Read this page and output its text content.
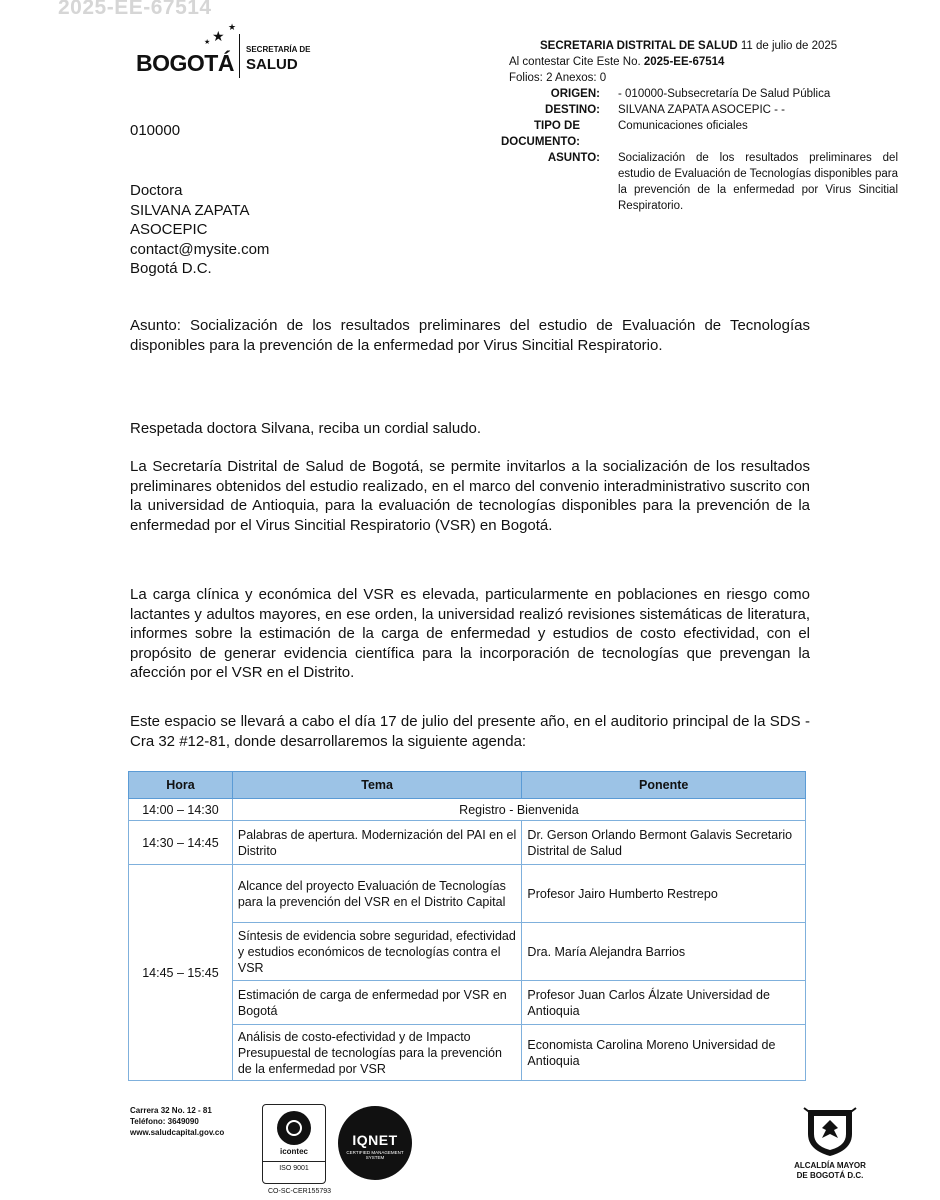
2025-EE-67514
★
★
★
BOGOTÁ
SECRETARÍA DE
SALUD
SECRETARIA DISTRITAL DE SALUD 11 de julio de 2025
Al contestar Cite Este No. 2025-EE-67514
Folios: 2 Anexos: 0
ORIGEN: - 010000-Subsecretaría De Salud Pública
DESTINO: SILVANA ZAPATA ASOCEPIC - -
TIPO DE
DOCUMENTO:
Comunicaciones oficiales
ASUNTO: Socialización de los resultados preliminares del estudio de Evaluación de Tecnologías disponibles para la prevención de la enfermedad por Virus Sincitial Respiratorio.
010000
Doctora
SILVANA ZAPATA
ASOCEPIC
contact@mysite.com
Bogotá D.C.
Asunto: Socialización de los resultados preliminares del estudio de Evaluación de Tecnologías disponibles para la prevención de la enfermedad por Virus Sincitial Respiratorio.
Respetada doctora Silvana, reciba un cordial saludo.
La Secretaría Distrital de Salud de Bogotá, se permite invitarlos a la socialización de los resultados preliminares obtenidos del estudio realizado, en el marco del convenio interadministrativo suscrito con la universidad de Antioquia, para la evaluación de tecnologías disponibles para la prevención de la enfermedad por el Virus Sincitial Respiratorio (VSR) en Bogotá.
La carga clínica y económica del VSR es elevada, particularmente en poblaciones en riesgo como lactantes y adultos mayores, en ese orden, la universidad realizó revisiones sistemáticas de literatura, informes sobre la estimación de la carga de enfermedad y estudios de costo efectividad, con el propósito de generar evidencia científica para la incorporación de tecnologías que prevengan la afección por el VSR en el Distrito.
Este espacio se llevará a cabo el día 17 de julio del presente año, en el auditorio principal de la SDS -Cra 32 #12-81, donde desarrollaremos la siguiente agenda:
Hora	Tema	Ponente
14:00 – 14:30	Registro - Bienvenida	
14:30 – 14:45	Palabras de apertura. Modernización del PAI en el Distrito	Dr. Gerson Orlando Bermont Galavis Secretario Distrital de Salud
14:45 – 15:45	Alcance del proyecto Evaluación de Tecnologías para la prevención del VSR en el Distrito Capital	Profesor Jairo Humberto Restrepo
	Síntesis de evidencia sobre seguridad, efectividad y estudios económicos de tecnologías contra el VSR	Dra. María Alejandra Barrios
	Estimación de carga de enfermedad por VSR en Bogotá	Profesor Juan Carlos Álzate Universidad de Antioquia
	Análisis de costo-efectividad y de Impacto Presupuestal de tecnologías para la prevención de la enfermedad por VSR	Economista Carolina Moreno Universidad de Antioquia
Carrera 32 No. 12 - 81
Teléfono: 3649090
www.saludcapital.gov.co
icontec
ISO 9001
IQNET
CERTIFIED MANAGEMENT SYSTEM
CO-SC-CER155793
ALCALDÍA MAYOR
DE BOGOTÁ D.C.
